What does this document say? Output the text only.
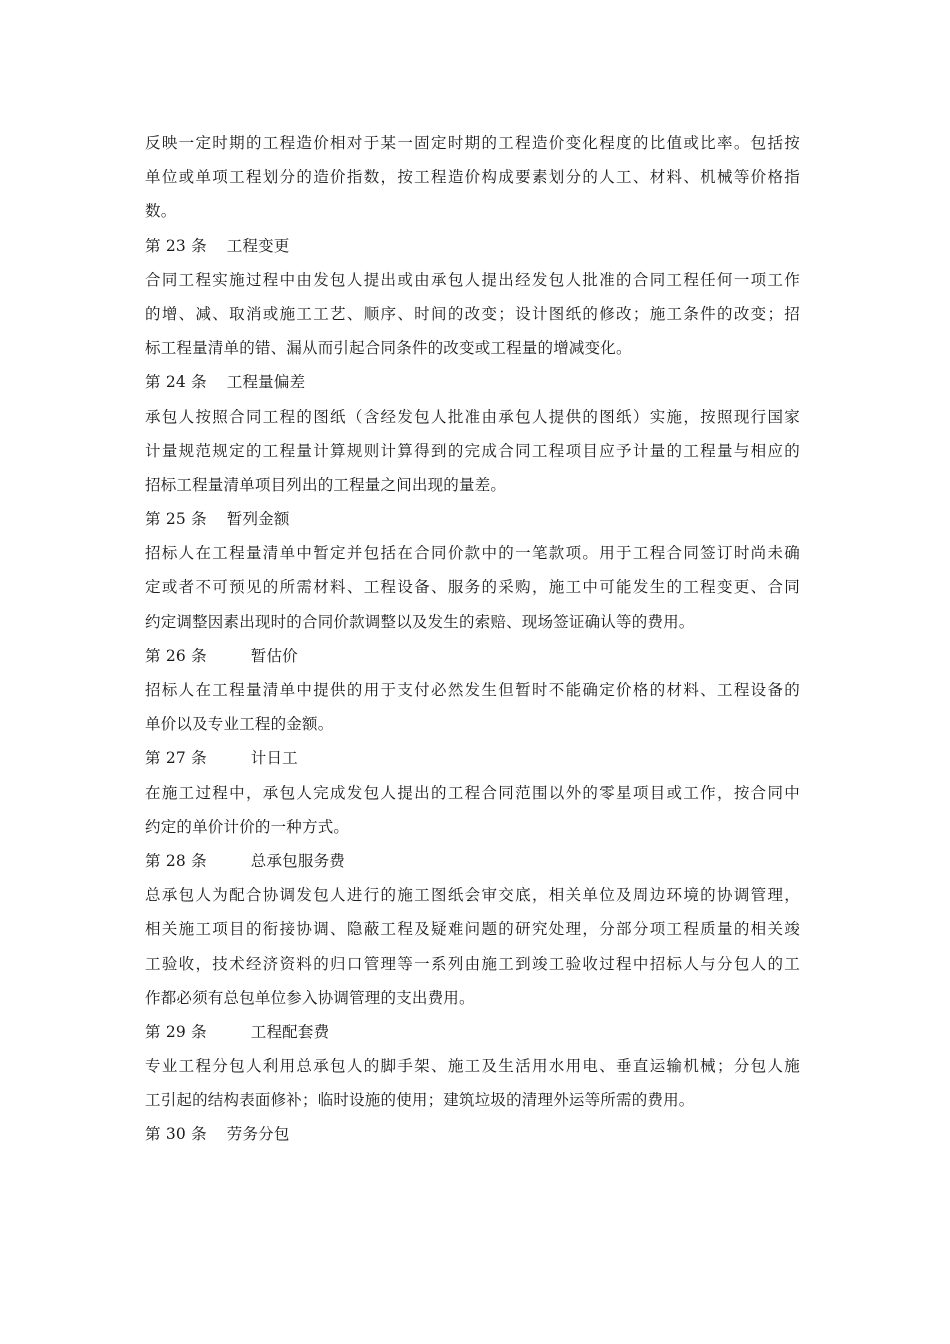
反映一定时期的工程造价相对于某一固定时期的工程造价变化程度的比值或比率。包括按
单位或单项工程划分的造价指数，按工程造价构成要素划分的人工、材料、机械等价格指
数。
第 23 条 工程变更
合同工程实施过程中由发包人提出或由承包人提出经发包人批准的合同工程任何一项工作
的增、减、取消或施工工艺、顺序、时间的改变；设计图纸的修改；施工条件的改变；招
标工程量清单的错、漏从而引起合同条件的改变或工程量的增减变化。
第 24 条 工程量偏差
承包人按照合同工程的图纸（含经发包人批准由承包人提供的图纸）实施，按照现行国家
计量规范规定的工程量计算规则计算得到的完成合同工程项目应予计量的工程量与相应的
招标工程量清单项目列出的工程量之间出现的量差。
第 25 条 暂列金额
招标人在工程量清单中暂定并包括在合同价款中的一笔款项。用于工程合同签订时尚未确
定或者不可预见的所需材料、工程设备、服务的采购，施工中可能发生的工程变更、合同
约定调整因素出现时的合同价款调整以及发生的索赔、现场签证确认等的费用。
第 26 条	暂估价
招标人在工程量清单中提供的用于支付必然发生但暂时不能确定价格的材料、工程设备的
单价以及专业工程的金额。
第 27 条	计日工
在施工过程中，承包人完成发包人提出的工程合同范围以外的零星项目或工作，按合同中
约定的单价计价的一种方式。
第 28 条	总承包服务费
总承包人为配合协调发包人进行的施工图纸会审交底，相关单位及周边环境的协调管理，
相关施工项目的衔接协调、隐蔽工程及疑难问题的研究处理，分部分项工程质量的相关竣
工验收，技术经济资料的归口管理等一系列由施工到竣工验收过程中招标人与分包人的工
作都必须有总包单位参入协调管理的支出费用。
第 29 条	工程配套费
专业工程分包人利用总承包人的脚手架、施工及生活用水用电、垂直运输机械；分包人施
工引起的结构表面修补；临时设施的使用；建筑垃圾的清理外运等所需的费用。
第 30 条 劳务分包
